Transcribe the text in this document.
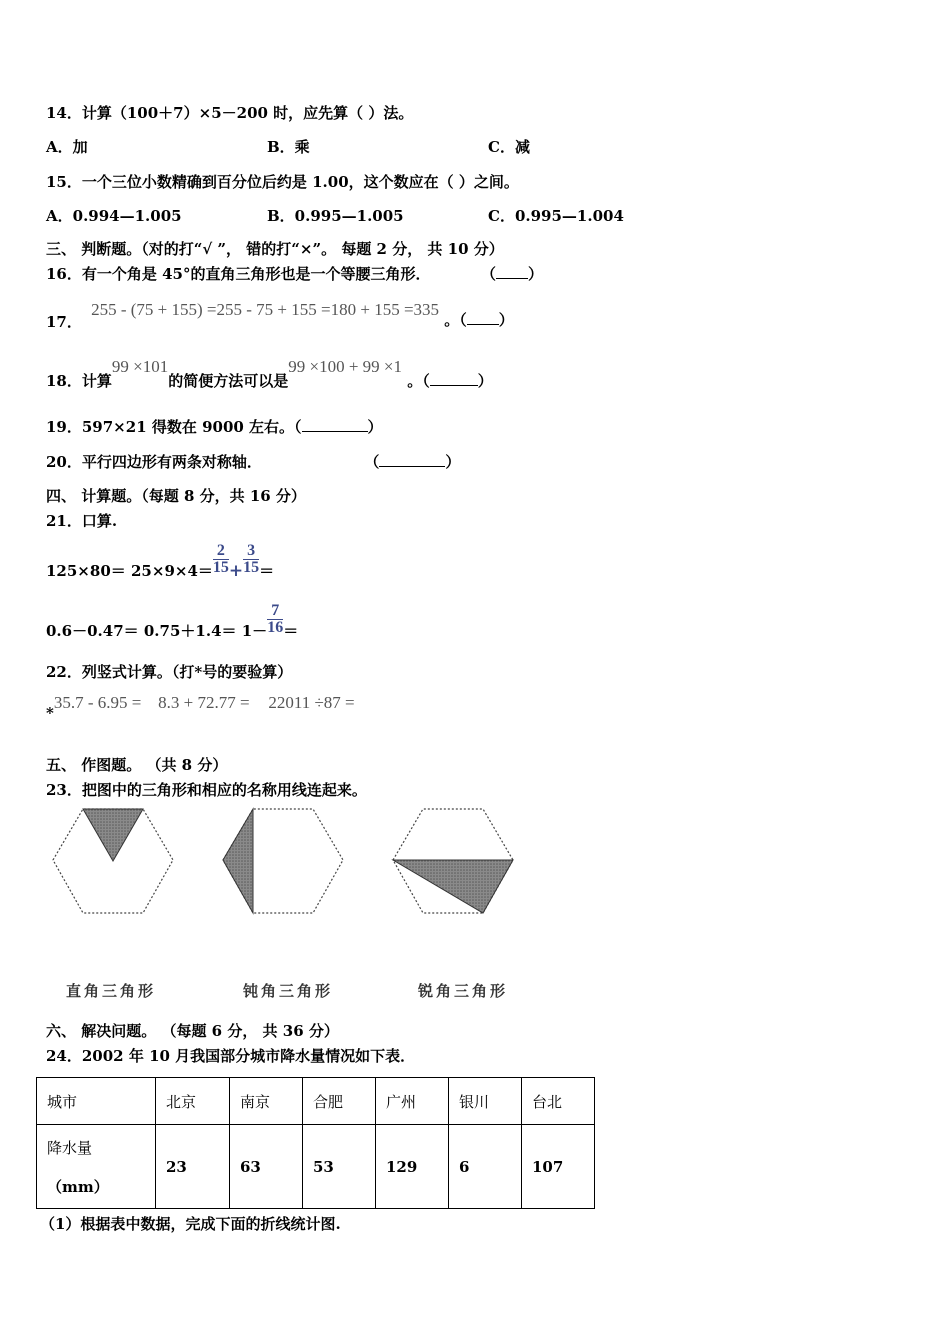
14．计算（100＋7）×5－200 时，应先算（ ）法。
A．加	B．乘	C．减
15．一个三位小数精确到百分位后约是 1.00，这个数应在（ ）之间。
A．0.994—1.005	B．0.995—1.005	C．0.995—1.004
三、 判断题。（对的打“√ ”， 错的打“×”。 每题 2 分， 共 10 分）
16．有一个角是 45°的直角三角形也是一个等腰三角形．	（ ）
17． 255 - (75 + 155) =255 - 75 + 155 =180 + 155 =335 。（ ）
18．计算99 ×101的简便方法可以是99 ×100 + 99 ×1 。（	）
19．597×21 得数在 9000 左右。（	）
20．平行四边形有两条对称轴．	（	）
四、 计算题。（每题 8 分，共 16 分）
21．口算.
$125\times 80= 25\times 9\times 4= \frac{2}{15} + \frac{3}{15}$ ＝
$0.6-0.47= 0.75+1.4= 1- \frac{7}{16}$ ＝
22．列竖式计算。（打*号的要验算）
*35.7 - 6.95 = 8.3 + 72.77 = 22011 ÷87 =
五、 作图题。 （共 8 分）
23．把图中的三角形和相应的名称用线连起来。
直角三角形	钝角三角形	锐角三角形
六、 解决问题。 （每题 6 分， 共 36 分）
24．2002 年 10 月我国部分城市降水量情况如下表．
城市	北京	南京	合肥	广州	银川	台北

降水量
（mm）	23	63	53	129	6	107
（1）根据表中数据，完成下面的折线统计图.
